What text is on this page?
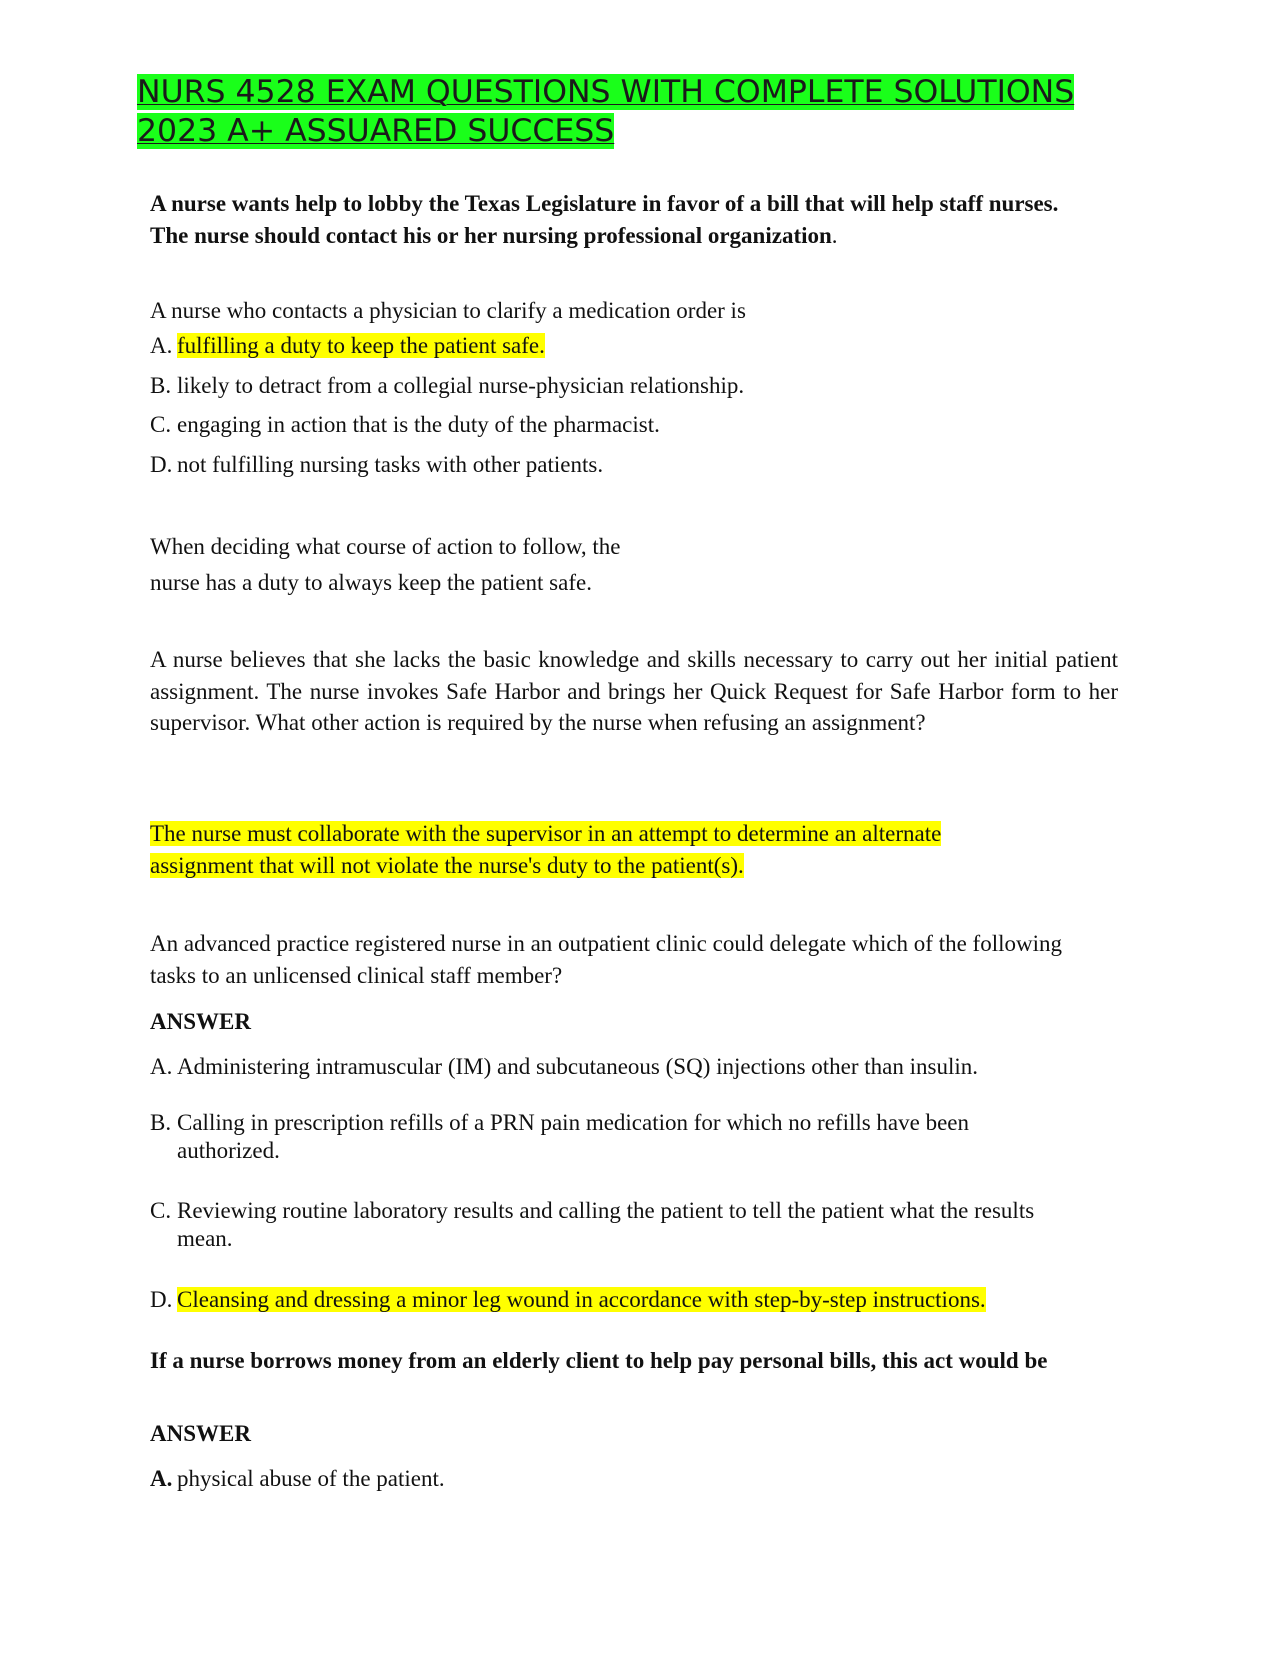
NURS 4528 EXAM QUESTIONS WITH COMPLETE SOLUTIONS
2023 A+ ASSUARED SUCCESS
A nurse wants help to lobby the Texas Legislature in favor of a bill that will help staff nurses. The nurse should contact his or her nursing professional organization.
A nurse who contacts a physician to clarify a medication order is
A. fulfilling a duty to keep the patient safe.
B. likely to detract from a collegial nurse-physician relationship.
C. engaging in action that is the duty of the pharmacist.
D. not fulfilling nursing tasks with other patients.
When deciding what course of action to follow, the
nurse has a duty to always keep the patient safe.
A nurse believes that she lacks the basic knowledge and skills necessary to carry out her initial patient assignment. The nurse invokes Safe Harbor and brings her Quick Request for Safe Harbor form to her supervisor. What other action is required by the nurse when refusing an assignment?
The nurse must collaborate with the supervisor in an attempt to determine an alternate assignment that will not violate the nurse's duty to the patient(s).
An advanced practice registered nurse in an outpatient clinic could delegate which of the following tasks to an unlicensed clinical staff member?
ANSWER
A. Administering intramuscular (IM) and subcutaneous (SQ) injections other than insulin.
B. Calling in prescription refills of a PRN pain medication for which no refills have been authorized.
C. Reviewing routine laboratory results and calling the patient to tell the patient what the results mean.
D. Cleansing and dressing a minor leg wound in accordance with step-by-step instructions.
If a nurse borrows money from an elderly client to help pay personal bills, this act would be
ANSWER
A. physical abuse of the patient.
